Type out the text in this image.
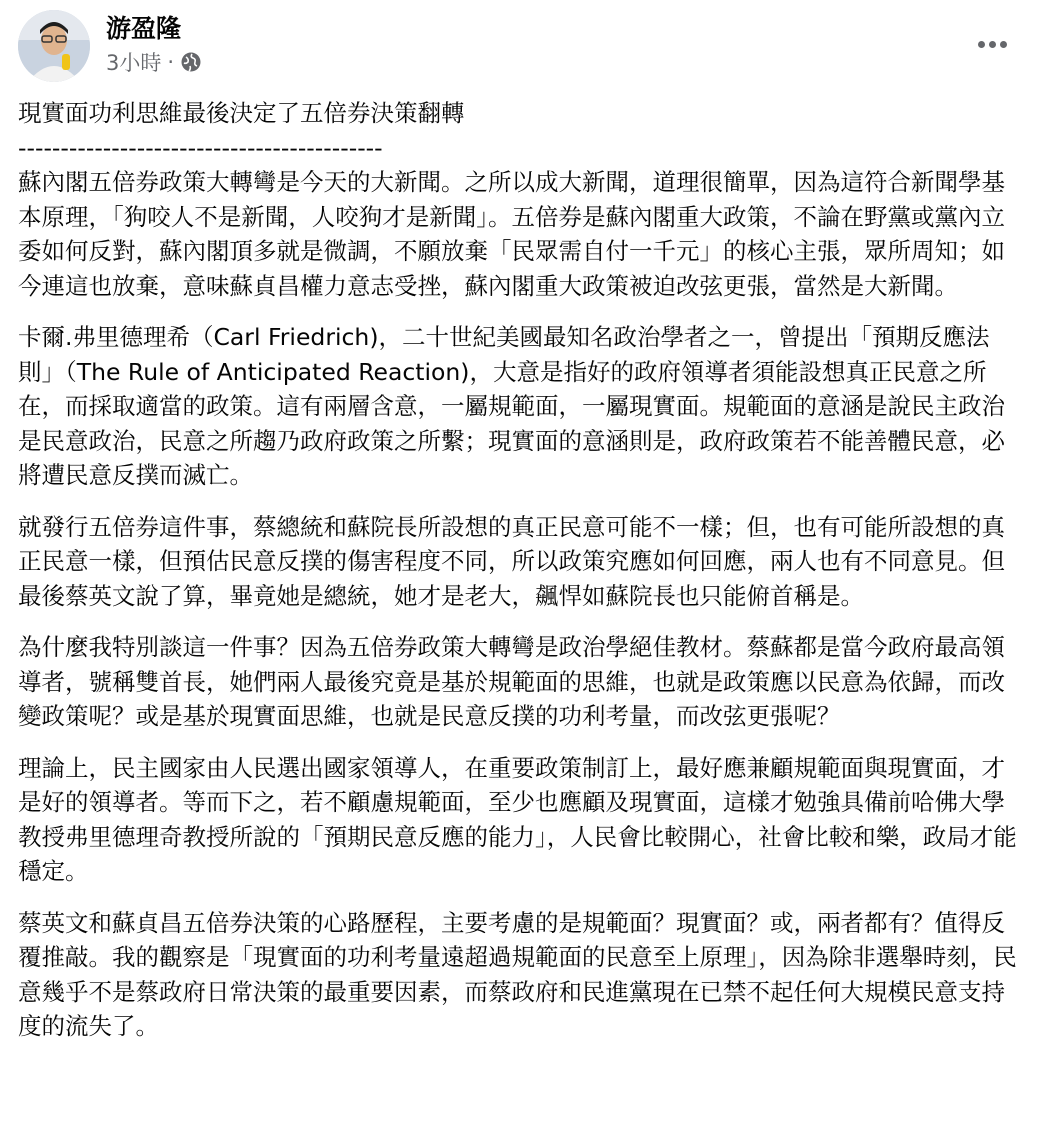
游盈隆
3小時 ·

現實面功利思維最後決定了五倍券決策翻轉

-------------------------------------------

蘇內閣五倍券政策大轉彎是今天的大新聞。之所以成大新聞，道理很簡單，因為這符合新聞學基本原理，「狗咬人不是新聞，人咬狗才是新聞」。五倍券是蘇內閣重大政策，不論在野黨或黨內立委如何反對，蘇內閣頂多就是微調，不願放棄「民眾需自付一千元」的核心主張，眾所周知；如今連這也放棄，意味蘇貞昌權力意志受挫，蘇內閣重大政策被迫改弦更張，當然是大新聞。

卡爾.弗里德理希（Carl Friedrich)，二十世紀美國最知名政治學者之一，曾提出「預期反應法則」（The Rule of Anticipated Reaction)，大意是指好的政府領導者須能設想真正民意之所在，而採取適當的政策。這有兩層含意，一屬規範面，一屬現實面。規範面的意涵是說民主政治是民意政治，民意之所趨乃政府政策之所繫；現實面的意涵則是，政府政策若不能善體民意，必將遭民意反撲而滅亡。

就發行五倍券這件事，蔡總統和蘇院長所設想的真正民意可能不一樣；但，也有可能所設想的真正民意一樣，但預估民意反撲的傷害程度不同，所以政策究應如何回應，兩人也有不同意見。但最後蔡英文說了算，畢竟她是總統，她才是老大，飆悍如蘇院長也只能俯首稱是。

為什麼我特別談這一件事？因為五倍券政策大轉彎是政治學絕佳教材。蔡蘇都是當今政府最高領導者，號稱雙首長，她們兩人最後究竟是基於規範面的思維，也就是政策應以民意為依歸，而改變政策呢？或是基於現實面思維，也就是民意反撲的功利考量，而改弦更張呢？

理論上，民主國家由人民選出國家領導人，在重要政策制訂上，最好應兼顧規範面與現實面，才是好的領導者。等而下之，若不顧慮規範面，至少也應顧及現實面，這樣才勉強具備前哈佛大學教授弗里德理奇教授所說的「預期民意反應的能力」，人民會比較開心，社會比較和樂，政局才能穩定。

蔡英文和蘇貞昌五倍券決策的心路歷程，主要考慮的是規範面？現實面？或，兩者都有？值得反覆推敲。我的觀察是「現實面的功利考量遠超過規範面的民意至上原理」，因為除非選舉時刻，民意幾乎不是蔡政府日常決策的最重要因素，而蔡政府和民進黨現在已禁不起任何大規模民意支持度的流失了。
